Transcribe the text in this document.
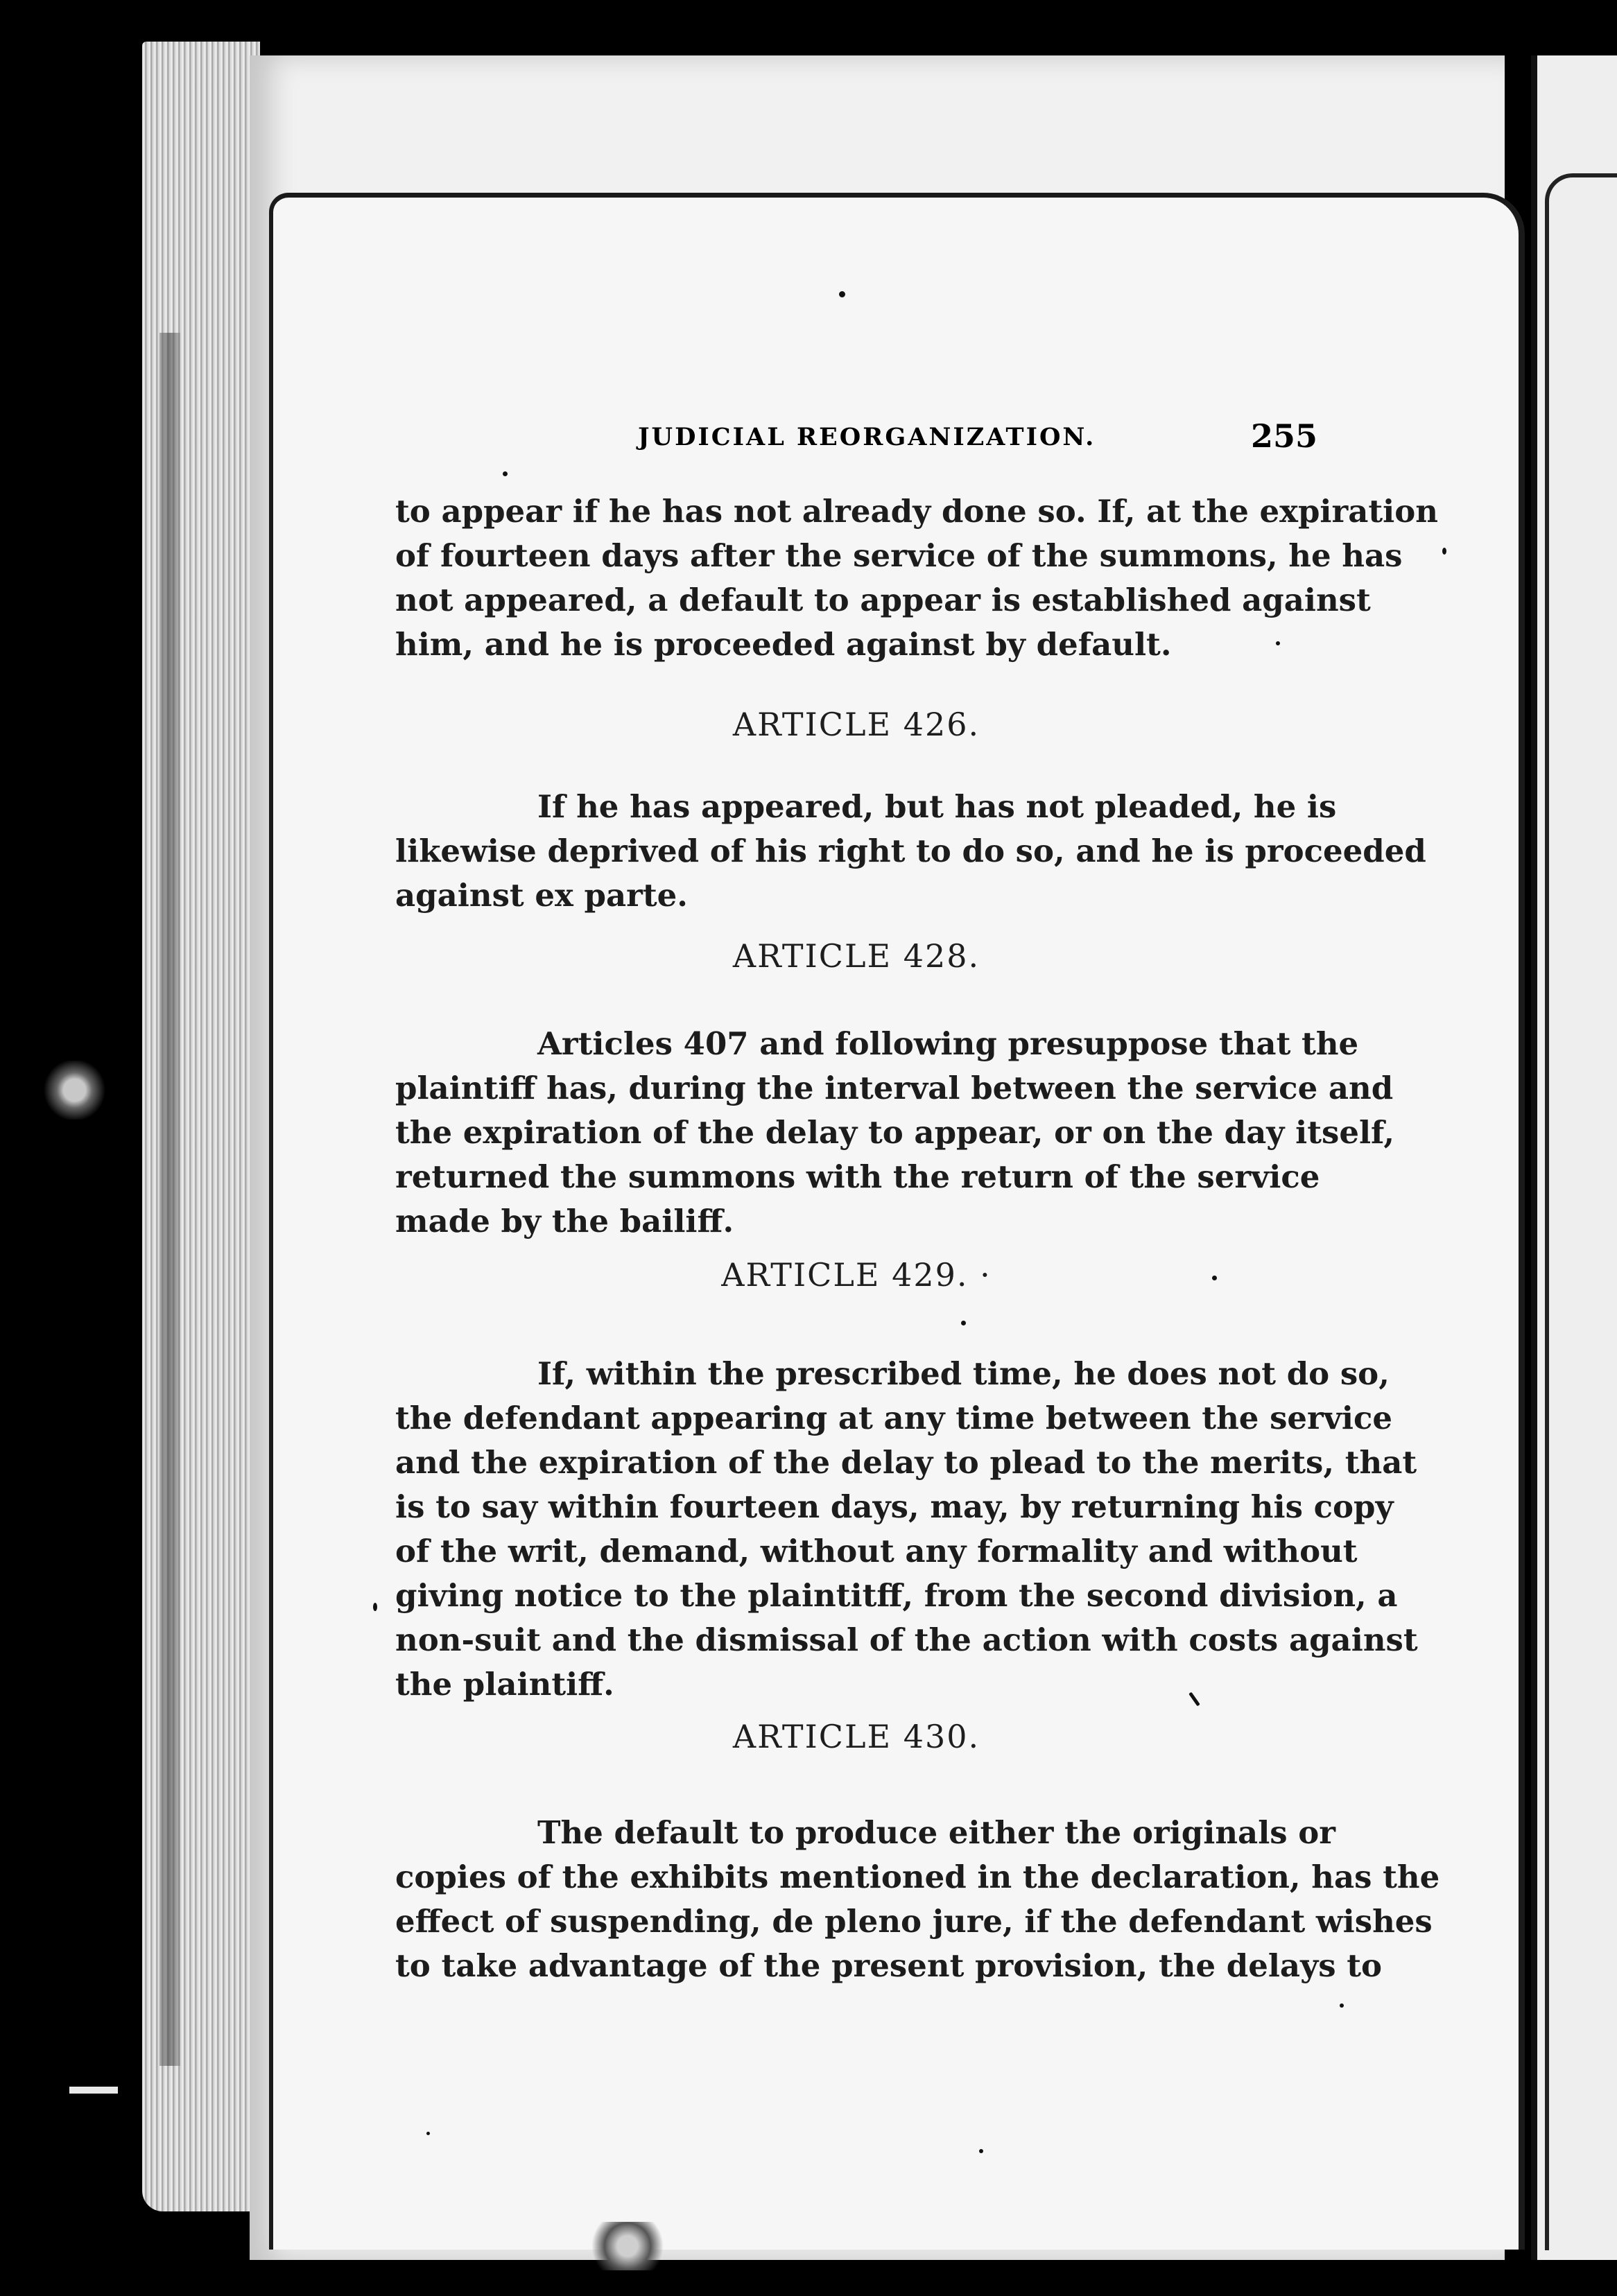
JUDICIAL REORGANIZATION.	255
to appear if he has not already done so. If, at the expiration
of fourteen days after the service of the summons, he has
not appeared, a default to appear is established against
him, and he is proceeded against by default.
ARTICLE 426.
If he has appeared, but has not pleaded, he is
likewise deprived of his right to do so, and he is proceeded
against ex parte.
ARTICLE 428.
Articles 407 and following presuppose that the
plaintiff has, during the interval between the service and
the expiration of the delay to appear, or on the day itself,
returned the summons with the return of the service
made by the bailiff.
ARTICLE 429. ·
If, within the prescribed time, he does not do so,
the defendant appearing at any time between the service
and the expiration of the delay to plead to the merits, that
is to say within fourteen days, may, by returning his copy
of the writ, demand, without any formality and without
giving notice to the plaintitff, from the second division, a
non-suit and the dismissal of the action with costs against
the plaintiff.
ARTICLE 430.
The default to produce either the originals or
copies of the exhibits mentioned in the declaration, has the
effect of suspending, de pleno jure, if the defendant wishes
to take advantage of the present provision, the delays to
